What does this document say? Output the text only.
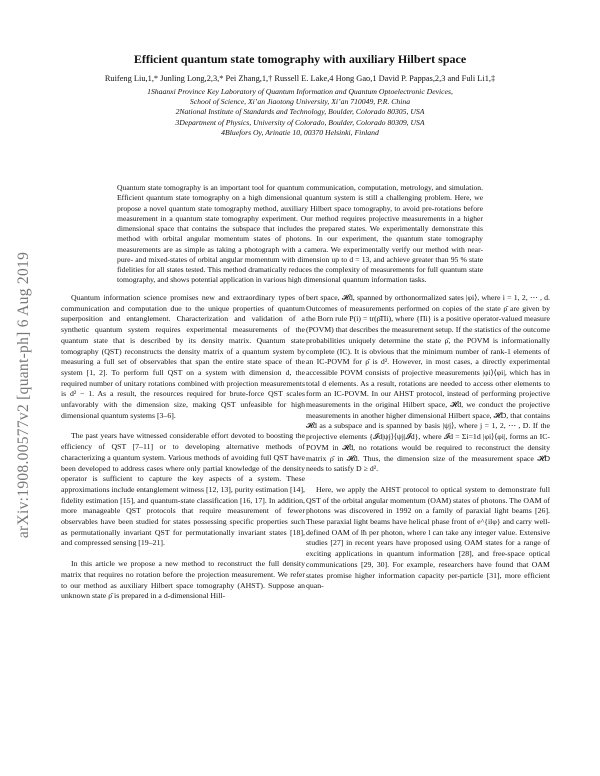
arXiv:1908.00577v2 [quant-ph] 6 Aug 2019
Efficient quantum state tomography with auxiliary Hilbert space
Ruifeng Liu,1,* Junling Long,2,3,* Pei Zhang,1,† Russell E. Lake,4 Hong Gao,1 David P. Pappas,2,3 and Fuli Li1,‡
1Shaanxi Province Key Laboratory of Quantum Information and Quantum Optoelectronic Devices,
School of Science, Xi’an Jiaotong University, Xi’an 710049, P.R. China
2National Institute of Standards and Technology, Boulder, Colorado 80305, USA
3Department of Physics, University of Colorado, Boulder, Colorado 80309, USA
4Bluefors Oy, Arinatie 10, 00370 Helsinki, Finland

Quantum state tomography is an important tool for quantum communication, computation, metrology, and simulation. Efficient quantum state tomography on a high dimensional quantum system is still a challenging problem. Here, we propose a novel quantum state tomography method, auxiliary Hilbert space tomography, to avoid pre-rotations before measurement in a quantum state tomography experiment. Our method requires projective measurements in a higher dimensional space that contains the subspace that includes the prepared states. We experimentally demonstrate this method with orbital angular momentum states of photons. In our experiment, the quantum state tomography measurements are as simple as taking a photograph with a camera. We experimentally verify our method with near-pure- and mixed-states of orbital angular momentum with dimension up to d = 13, and achieve greater than 95 % state fidelities for all states tested. This method dramatically reduces the complexity of measurements for full quantum state tomography, and shows potential application in various high dimensional quantum information tasks.

Quantum information science promises new and extraordinary types of communication and computation due to the unique properties of quantum superposition and entanglement. Characterization and validation of a synthetic quantum system requires experimental measurements of the quantum state that is described by its density matrix. Quantum state tomography (QST) reconstructs the density matrix of a quantum system by measuring a full set of observables that span the entire state space of the system [1, 2]. To perform full QST on a system with dimension d, the required number of unitary rotations combined with projection measurements is d² − 1. As a result, the resources required for brute-force QST scales unfavorably with the dimension size, making QST unfeasible for high dimensional quantum systems [3–6].

The past years have witnessed considerable effort devoted to boosting the efficiency of QST [7–11] or to developing alternative methods of characterizing a quantum system. Various methods of avoiding full QST have been developed to address cases where only partial knowledge of the density operator is sufficient to capture the key aspects of a system. These approximations include entanglement witness [12, 13], purity estimation [14], fidelity estimation [15], and quantum-state classification [16, 17]. In addition, more manageable QST protocols that require measurement of fewer observables have been studied for states possessing specific properties such as permutationally invariant QST for permutationally invariant states [18], and compressed sensing [19–21].

In this article we propose a new method to reconstruct the full density matrix that requires no rotation before the projection measurement. We refer to our method as auxiliary Hilbert space tomography (AHST). Suppose an unknown state ρ̂ is prepared in a d-dimensional Hill-

bert space, 𝓗d, spanned by orthonormalized sates |φi⟩, where i = 1, 2, ⋯ , d. Outcomes of measurements performed on copies of the state ρ̂ are given by the Born rule P(i) = tr(ρ̂Πi), where {Πi} is a positive operator-valued measure (POVM) that describes the measurement setup. If the statistics of the outcome probabilities uniquely determine the state ρ̂, the POVM is informationally complete (IC). It is obvious that the minimum number of rank-1 elements of an IC-POVM for ρ̂ is d². However, in most cases, a directly experimental accessible POVM consists of projective measurements |φi⟩⟨φi|, which has in total d elements. As a result, rotations are needed to access other elements to form an IC-POVM. In our AHST protocol, instead of performing projective measurements in the original Hilbert space, 𝓗d, we conduct the projective measurements in another higher dimensional Hilbert space, 𝓗D, that contains 𝓗d as a subspace and is spanned by basis |ψj⟩, where j = 1, 2, ⋯ , D. If the projective elements {𝓘d|ψj⟩⟨ψj|𝓘d}, where 𝓘d = Σi=1d |φi⟩⟨φi|, forms an IC-POVM in 𝓗d, no rotations would be required to reconstruct the density matrix ρ̂ in 𝓗d. Thus, the dimension size of the measurement space 𝓗D needs to satisfy D ≥ d².

Here, we apply the AHST protocol to optical system to demonstrate full QST of the orbital angular momentum (OAM) states of photons. The OAM of photons was discovered in 1992 on a family of paraxial light beams [26]. These paraxial light beams have helical phase front of e^{ilφ} and carry well-defined OAM of lħ per photon, where l can take any integer value. Extensive studies [27] in recent years have proposed using OAM states for a range of exciting applications in quantum information [28], and free-space optical communications [29, 30]. For example, researchers have found that OAM states promise higher information capacity per-particle [31], more efficient quan-
